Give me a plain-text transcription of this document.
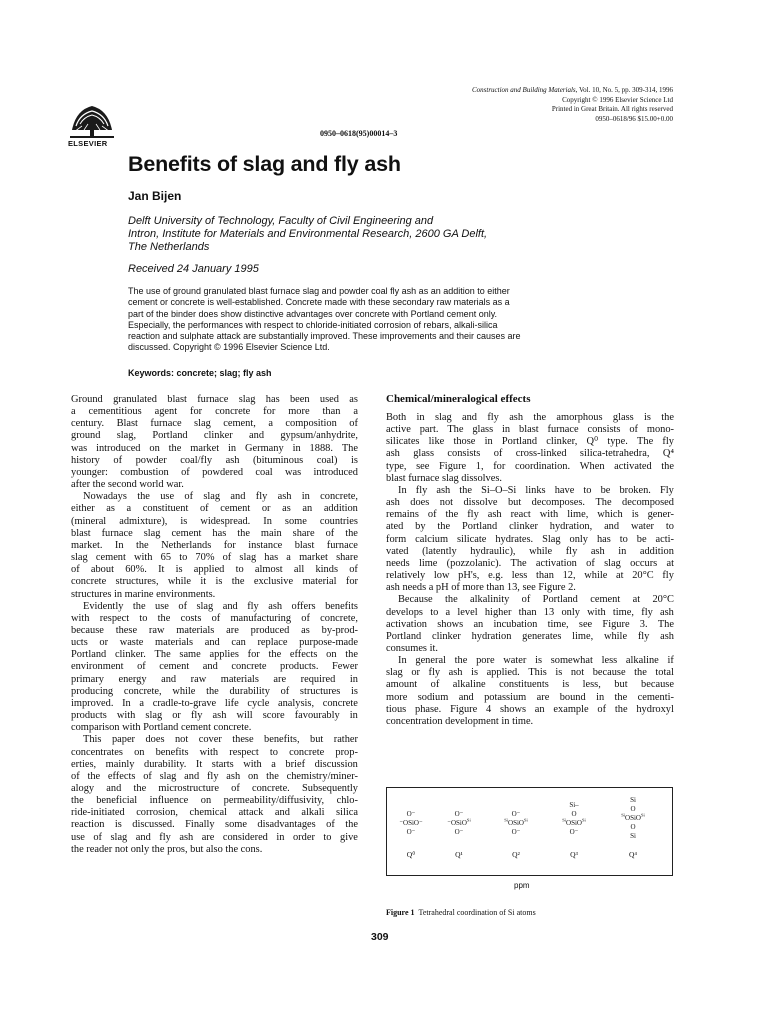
Construction and Building Materials, Vol. 10, No. 5, pp. 309-314, 1996
Copyright © 1996 Elsevier Science Ltd
Printed in Great Britain. All rights reserved
0950–0618/96 $15.00+0.00
ELSEVIER
0950–0618(95)00014–3
Benefits of slag and fly ash
Jan Bijen
Delft University of Technology, Faculty of Civil Engineering and
Intron, Institute for Materials and Environmental Research, 2600 GA Delft,
The Netherlands
Received 24 January 1995
The use of ground granulated blast furnace slag and powder coal fly ash as an addition to either
cement or concrete is well-established. Concrete made with these secondary raw materials as a
part of the binder does show distinctive advantages over concrete with Portland cement only.
Especially, the performances with respect to chloride-initiated corrosion of rebars, alkali-silica
reaction and sulphate attack are substantially improved. These improvements and their causes are
discussed. Copyright © 1996 Elsevier Science Ltd.
Keywords: concrete; slag; fly ash
Ground granulated blast furnace slag has been used as
a cementitious agent for concrete for more than a
century. Blast furnace slag cement, a composition of
ground slag, Portland clinker and gypsum/anhydrite,
was introduced on the market in Germany in 1888. The
history of powder coal/fly ash (bituminous coal) is
younger: combustion of powdered coal was introduced
after the second world war.
Nowadays the use of slag and fly ash in concrete,
either as a constituent of cement or as an addition
(mineral admixture), is widespread. In some countries
blast furnace slag cement has the main share of the
market. In the Netherlands for instance blast furnace
slag cement with 65 to 70% of slag has a market share
of about 60%. It is applied to almost all kinds of
concrete structures, while it is the exclusive material for
structures in marine environments.
Evidently the use of slag and fly ash offers benefits
with respect to the costs of manufacturing of concrete,
because these raw materials are produced as by-prod-
ucts or waste materials and can replace purpose-made
Portland clinker. The same applies for the effects on the
environment of cement and concrete products. Fewer
primary energy and raw materials are required in
producing concrete, while the durability of structures is
improved. In a cradle-to-grave life cycle analysis, concrete
products with slag or fly ash will score favourably in
comparison with Portland cement concrete.
This paper does not cover these benefits, but rather
concentrates on benefits with respect to concrete prop-
erties, mainly durability. It starts with a brief discussion
of the effects of slag and fly ash on the chemistry/miner-
alogy and the microstructure of concrete. Subsequently
the beneficial influence on permeability/diffusivity, chlo-
ride-initiated corrosion, chemical attack and alkali silica
reaction is discussed. Finally some disadvantages of the
use of slag and fly ash are considered in order to give
the reader not only the pros, but also the cons.
Chemical/mineralogical effects
Both in slag and fly ash the amorphous glass is the
active part. The glass in blast furnace consists of mono-
silicates like those in Portland clinker, Q⁰ type. The fly
ash glass consists of cross-linked silica-tetrahedra, Q⁴
type, see Figure 1, for coordination. When activated the
blast furnace slag dissolves.
In fly ash the Si–O–Si links have to be broken. Fly
ash does not dissolve but decomposes. The decomposed
remains of the fly ash react with lime, which is gener-
ated by the Portland clinker hydration, and water to
form calcium silicate hydrates. Slag only has to be acti-
vated (latently hydraulic), while fly ash in addition
needs lime (pozzolanic). The activation of slag occurs at
relatively low pH's, e.g. less than 12, while at 20°C fly
ash needs a pH of more than 13, see Figure 2.
Because the alkalinity of Portland cement at 20°C
develops to a level higher than 13 only with time, fly ash
activation shows an incubation time, see Figure 3. The
Portland clinker hydration generates lime, while fly ash
consumes it.
In general the pore water is somewhat less alkaline if
slag or fly ash is applied. This is not because the total
amount of alkaline constituents is less, but because
more sodium and potassium are bound in the cementi-
tious phase. Figure 4 shows an example of the hydroxyl
concentration development in time.
O⁻
⁻OSiO⁻
O⁻
Q⁰
O⁻
⁻OSiO$^{Si}$
O⁻
Q¹
O⁻
$^{Si}$OSiO$^{Si}$
O⁻
Q²
Si–
O
$^{Si}$OSiO$^{Si}$
O⁻
Q³
Si
O
$^{Si}$OSiO$^{Si}$
O
Si
Q⁴
ppm
Figure 1 Tetrahedral coordination of Si atoms
309
